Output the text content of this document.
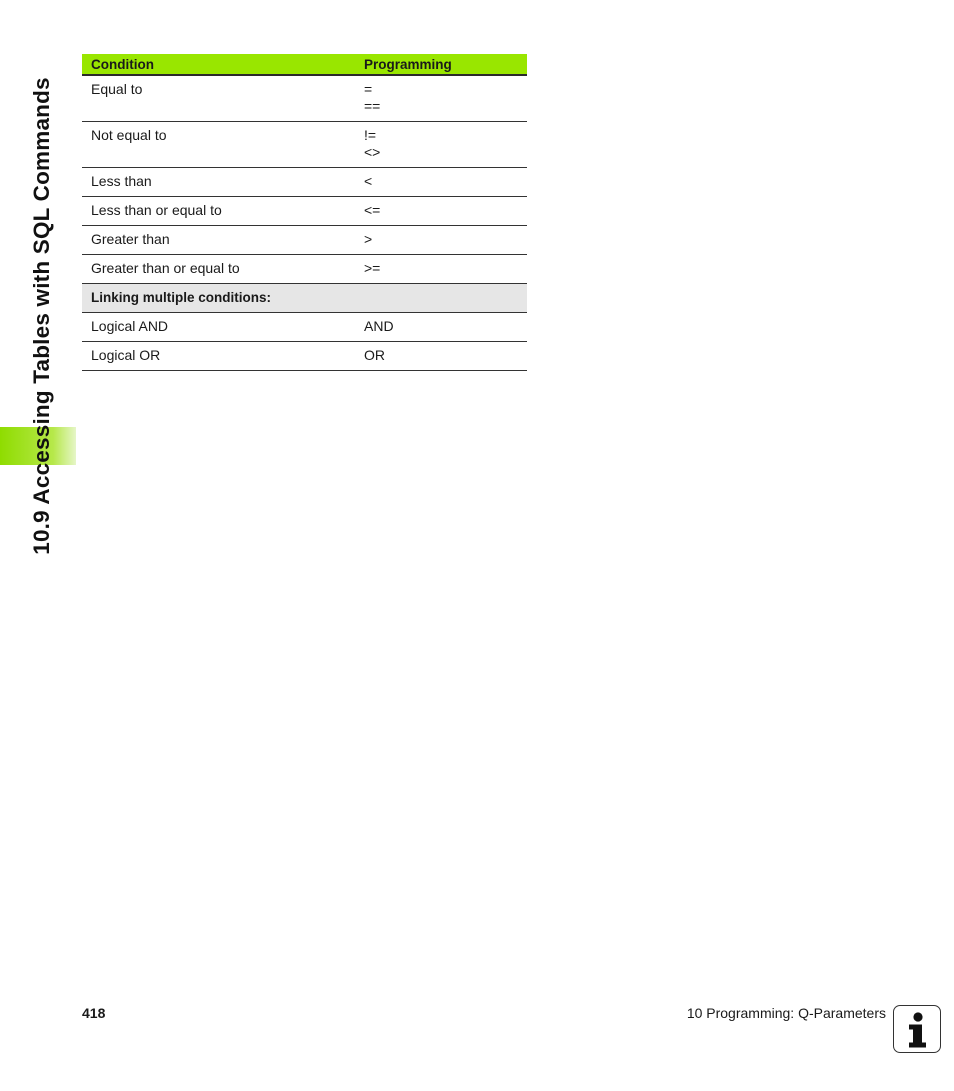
10.9 Accessing Tables with SQL Commands
Condition	Programming
Equal to	=
==

Not equal to	!=
<>

Less than	<

Less than or equal to	<=

Greater than	>

Greater than or equal to	>=

Linking multiple conditions:	
Logical AND	AND

Logical OR	OR
418	10 Programming: Q-Parameters
